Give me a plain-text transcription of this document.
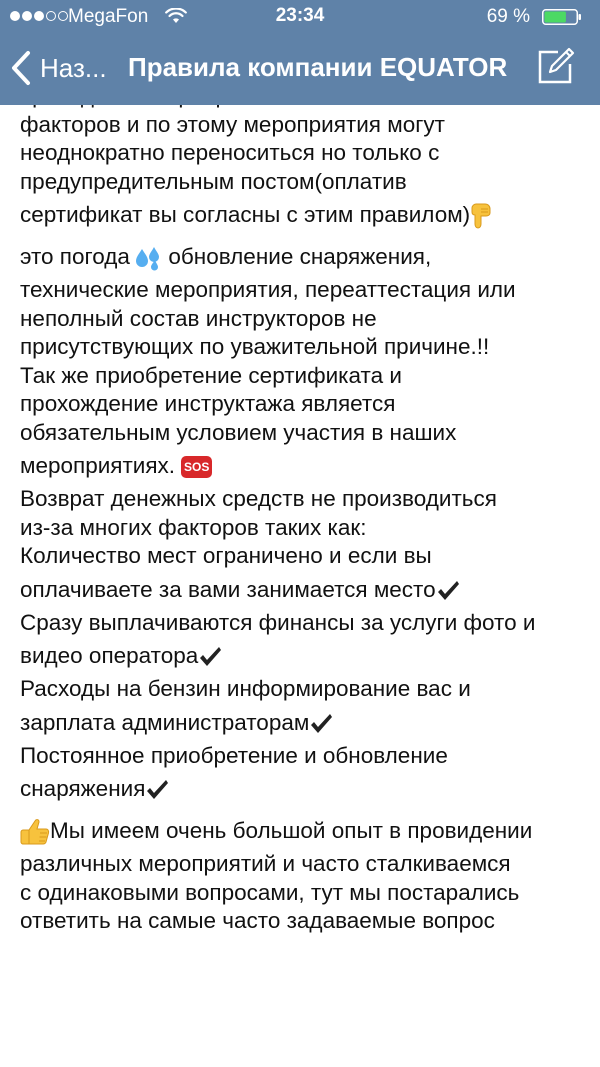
MegaFon	23:34	69 %
Наз... Правила компании EQUATOR
факторов и по этому мероприятия могут
неоднократно переноситься но только с
предупредительным постом(оплатив
сертификат вы согласны с этим правилом)
это погода обновление снаряжения,
технические мероприятия, переаттестация или
неполный состав инструкторов не
присутствующих по уважительной причине.!!
Так же приобретение сертификата и
прохождение инструктажа является
обязательным условием участия в наших
мероприятиях. SOS
Возврат денежных средств не производиться
из-за многих факторов таких как:
Количество мест ограничено и если вы
оплачиваете за вами занимается место
Сразу выплачиваются финансы за услуги фото и
видео оператора
Расходы на бензин информирование вас и
зарплата администраторам
Постоянное приобретение и обновление
снаряжения
Мы имеем очень большой опыт в провидении
различных мероприятий и часто сталкиваемся
с одинаковыми вопросами, тут мы постарались
ответить на самые часто задаваемые вопрос
